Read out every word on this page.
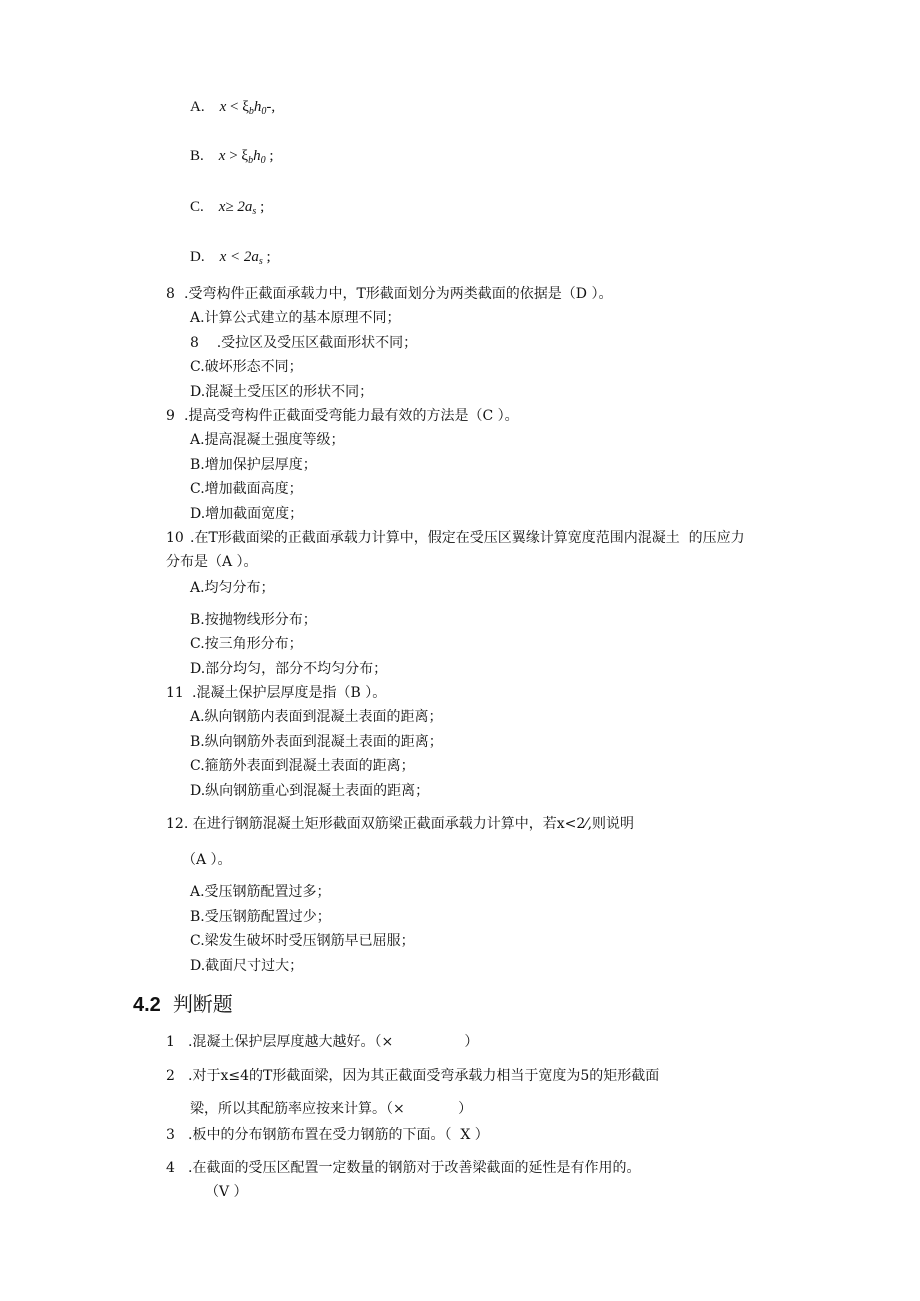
A. $x < \xi_bh_0-$,
B. $x > \xi_bh_0$ ;
C. $x\ge 2a_s$ ;
D. $x < 2a_s$ ;
8 .受弯构件正截面承载力中，T形截面划分为两类截面的依据是（D ）。
A.计算公式建立的基本原理不同；
8    .受拉区及受压区截面形状不同；
C.破坏形态不同；
D.混凝土受压区的形状不同；
9 .提高受弯构件正截面受弯能力最有效的方法是（C ）。
A.提高混凝土强度等级；
B.增加保护层厚度；
C.增加截面高度；
D.增加截面宽度；
10 .在T形截面梁的正截面承载力计算中，假定在受压区翼缘计算宽度范围内混凝土  的压应力
分布是（A ）。
A.均匀分布；
B.按抛物线形分布；
C.按三角形分布；
D.部分均匀，部分不均匀分布；
11 .混凝土保护层厚度是指（B ）。
A.纵向钢筋内表面到混凝土表面的距离；
B.纵向钢筋外表面到混凝土表面的距离；
C.箍筋外表面到混凝土表面的距离；
D.纵向钢筋重心到混凝土表面的距离；
12. 在进行钢筋混凝土矩形截面双筋梁正截面承载力计算中，若x<2⁄,则说明
（A ）。
A.受压钢筋配置过多；
B.受压钢筋配置过少；
C.梁发生破坏时受压钢筋早已屈服；
D.截面尺寸过大；
4.2 判断题
1 .混凝土保护层厚度越大越好。（×                ）
2 .对于x≤4的T形截面梁，因为其正截面受弯承载力相当于宽度为5的矩形截面
梁，所以其配筋率应按来计算。（×            ）
3 .板中的分布钢筋布置在受力钢筋的下面。（  X ）
4 .在截面的受压区配置一定数量的钢筋对于改善梁截面的延性是有作用的。
（V ）
